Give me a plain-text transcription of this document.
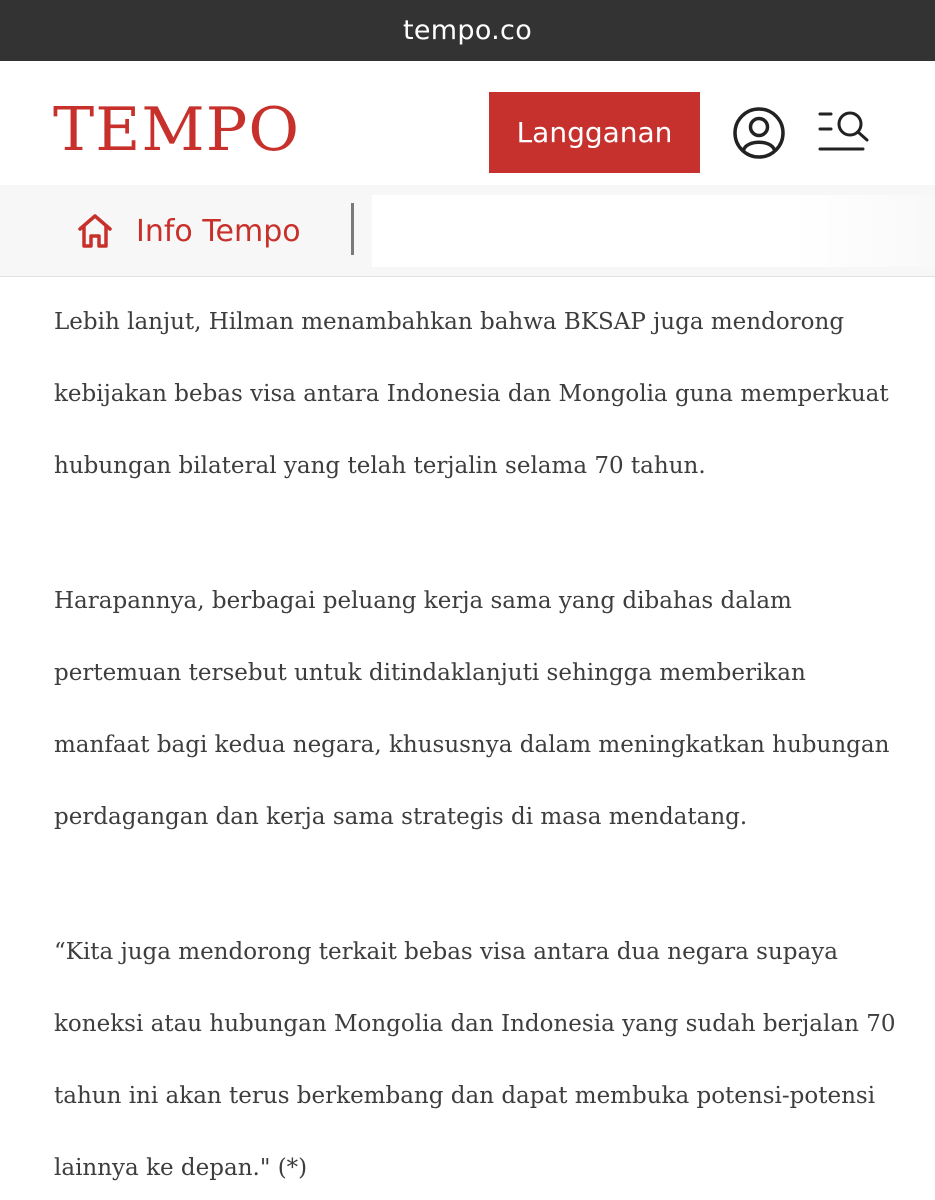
tempo.co
TEMPO	Langganan
Info Tempo

Lebih lanjut, Hilman menambahkan bahwa BKSAP juga mendorong
kebijakan bebas visa antara Indonesia dan Mongolia guna memperkuat
hubungan bilateral yang telah terjalin selama 70 tahun.

Harapannya, berbagai peluang kerja sama yang dibahas dalam
pertemuan tersebut untuk ditindaklanjuti sehingga memberikan
manfaat bagi kedua negara, khususnya dalam meningkatkan hubungan
perdagangan dan kerja sama strategis di masa mendatang.

“Kita juga mendorong terkait bebas visa antara dua negara supaya
koneksi atau hubungan Mongolia dan Indonesia yang sudah berjalan 70
tahun ini akan terus berkembang dan dapat membuka potensi-potensi
lainnya ke depan." (*)
